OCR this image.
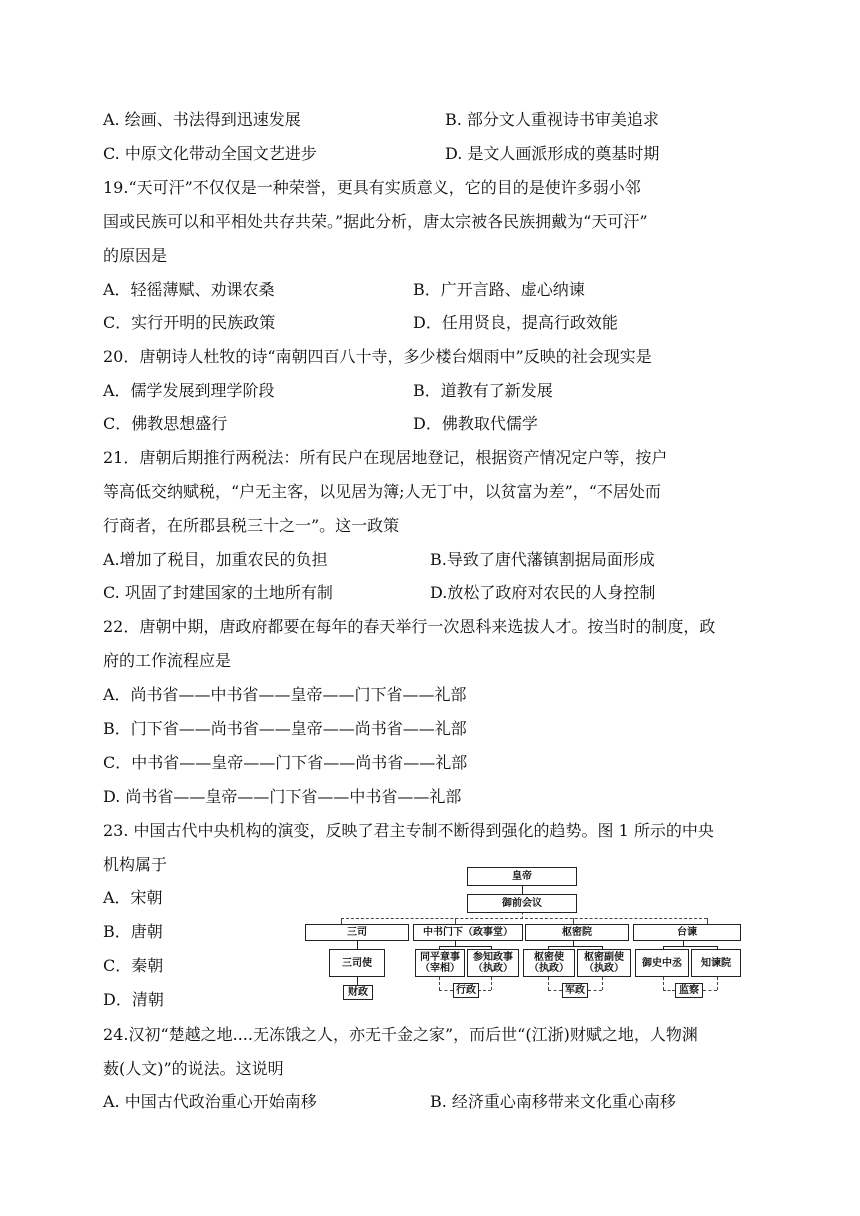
A. 绘画、书法得到迅速发展	B. 部分文人重视诗书审美追求
C. 中原文化带动全国文艺进步	D. 是文人画派形成的奠基时期
19.“天可汗”不仅仅是一种荣誉，更具有实质意义，它的目的是使许多弱小邻
国或民族可以和平相处共存共荣。”据此分析，唐太宗被各民族拥戴为“天可汗”
的原因是
A．轻徭薄赋、劝课农桑	B．广开言路、虚心纳谏
C．实行开明的民族政策	D．任用贤良，提高行政效能
20．唐朝诗人杜牧的诗“南朝四百八十寺，多少楼台烟雨中”反映的社会现实是
A．儒学发展到理学阶段	B．道教有了新发展
C．佛教思想盛行	D．佛教取代儒学
21．唐朝后期推行两税法：所有民户在现居地登记，根据资产情况定户等，按户
等高低交纳赋税，“户无主客，以见居为簿;人无丁中，以贫富为差”，“不居处而
行商者，在所郡县税三十之一”。这一政策
A.增加了税目，加重农民的负担	B.导致了唐代藩镇割据局面形成
C. 巩固了封建国家的土地所有制	D.放松了政府对农民的人身控制
22．唐朝中期，唐政府都要在每年的春天举行一次恩科来选拔人才。按当时的制度，政
府的工作流程应是
A．尚书省——中书省——皇帝——门下省——礼部
B．门下省——尚书省——皇帝——尚书省——礼部
C．中书省——皇帝——门下省——尚书省——礼部
D. 尚书省——皇帝——门下省——中书省——礼部
23. 中国古代中央机构的演变，反映了君主专制不断得到强化的趋势。图 1 所示的中央
机构属于
A．宋朝
B．唐朝
C．秦朝
D．清朝
皇帝
御前会议
三司	中书门下（政事堂）	枢密院	台谏
三司使	同平章事
（宰相）
参知政事
（执政）
枢密使
（执政）
枢密副使
（执政）	御史中丞	知谏院
财政	行政	军政	监察
24.汉初“楚越之地....无冻饿之人，亦无千金之家”，而后世“(江浙)财赋之地，人物渊
薮(人文)”的说法。这说明
A. 中国古代政治重心开始南移	B. 经济重心南移带来文化重心南移
